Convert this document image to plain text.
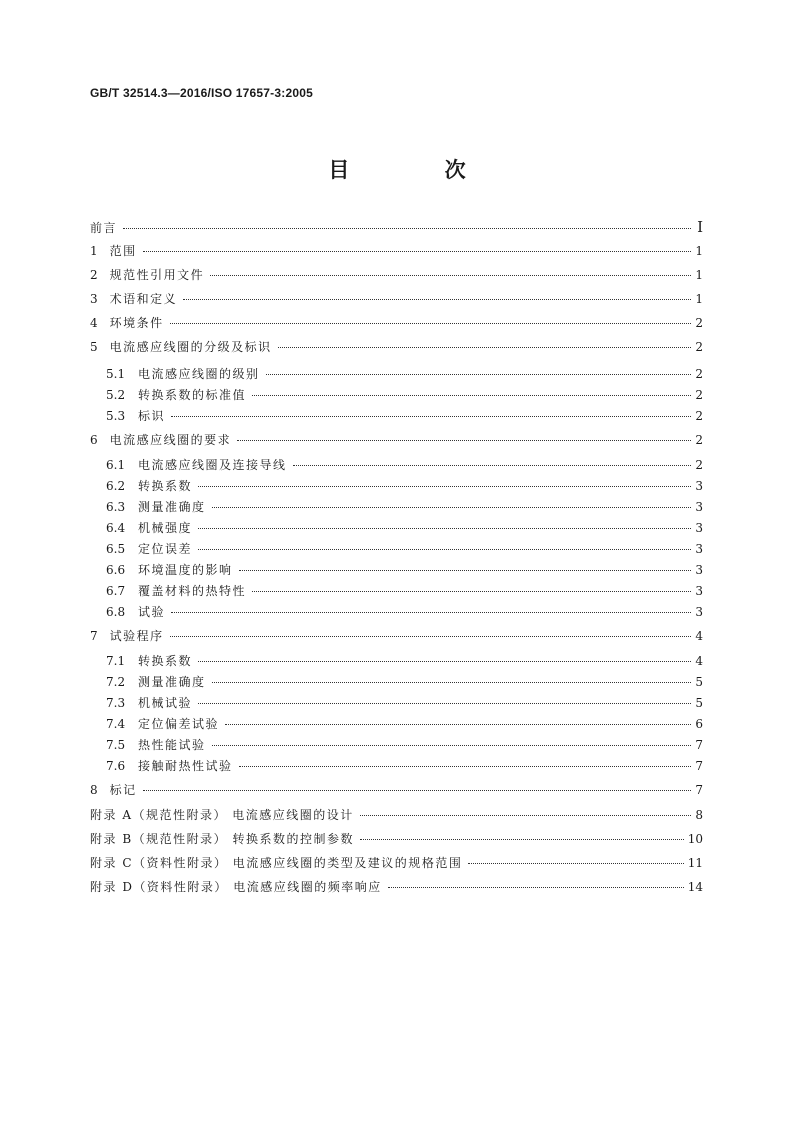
GB/T 32514.3—2016/ISO 17657-3:2005
目 次
前言	Ⅰ
1 范围	1
2 规范性引用文件	1
3 术语和定义	1
4 环境条件	2
5 电流感应线圈的分级及标识	2
5.1	电流感应线圈的级别	2
5.2	转换系数的标准值	2
5.3	标识	2
6 电流感应线圈的要求	2
6.1	电流感应线圈及连接导线	2
6.2	转换系数	3
6.3	测量准确度	3
6.4	机械强度	3
6.5	定位误差	3
6.6	环境温度的影响	3
6.7	覆盖材料的热特性	3
6.8	试验	3
7 试验程序	4
7.1	转换系数	4
7.2	测量准确度	5
7.3	机械试验	5
7.4	定位偏差试验	6
7.5	热性能试验	7
7.6	接触耐热性试验	7
8 标记	7
附录 A（规范性附录） 电流感应线圈的设计	8
附录 B（规范性附录） 转换系数的控制参数	10
附录 C（资料性附录） 电流感应线圈的类型及建议的规格范围	11
附录 D（资料性附录） 电流感应线圈的频率响应	14
